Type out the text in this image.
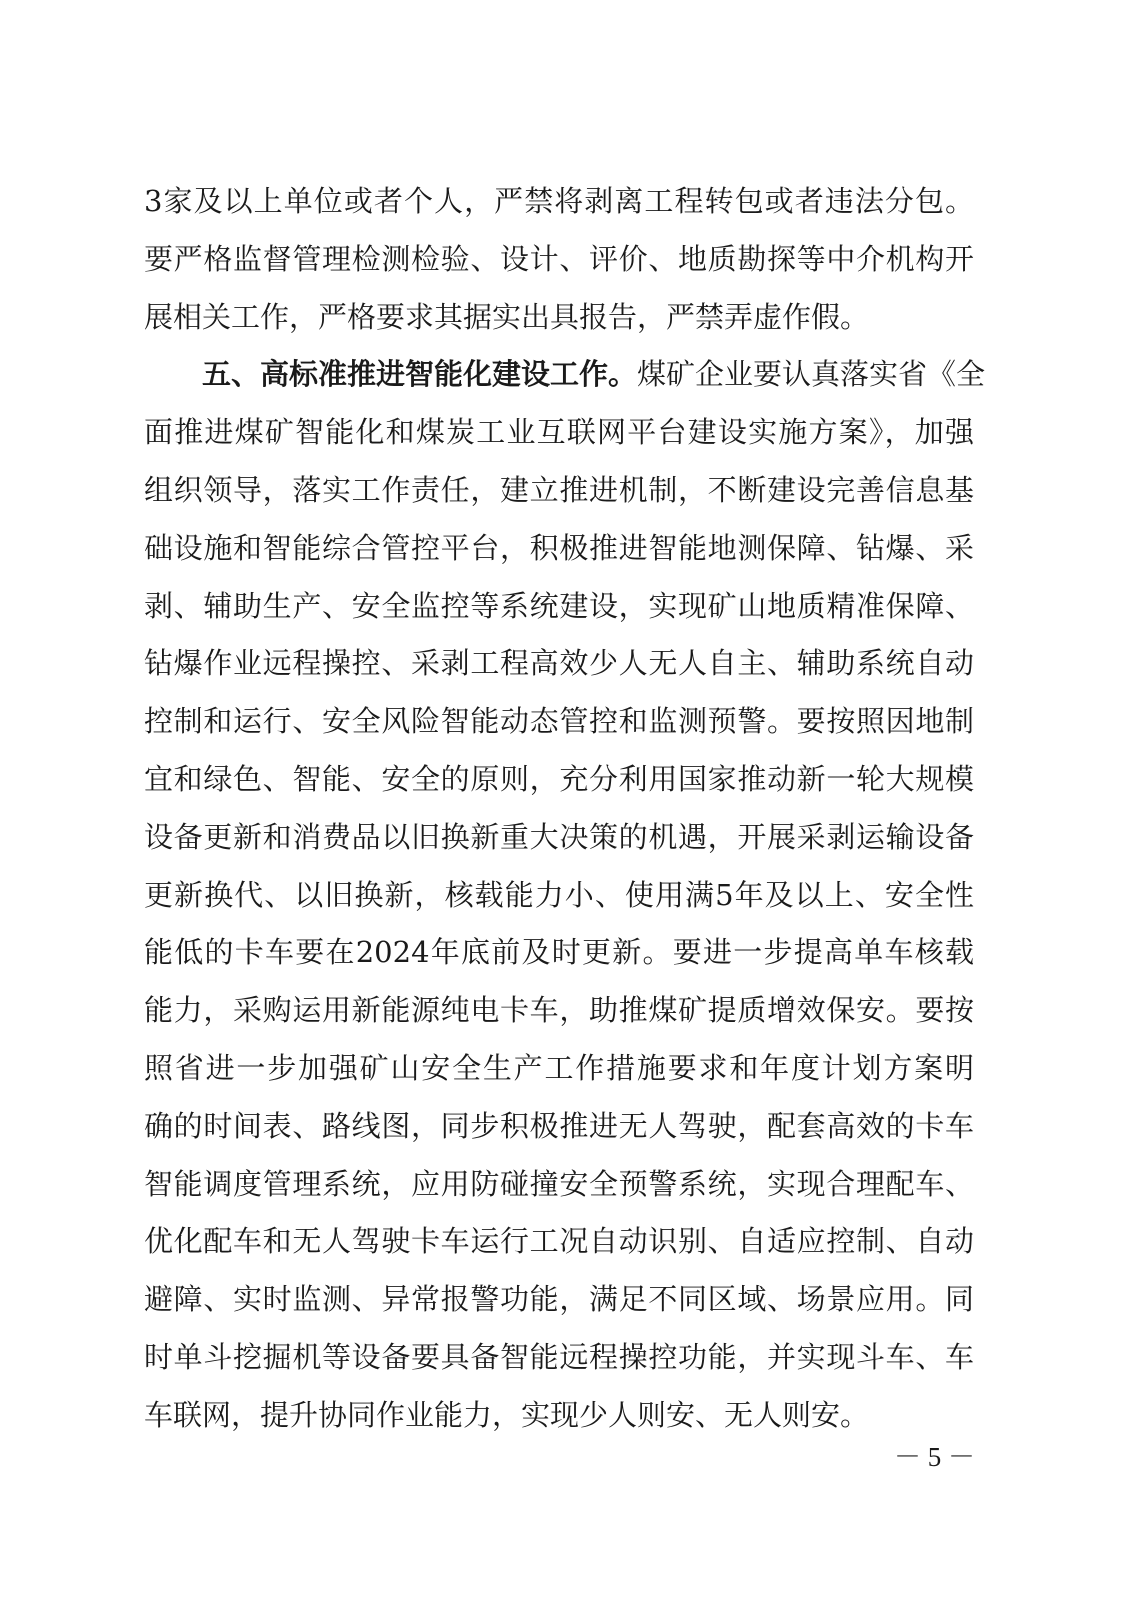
3家及以上单位或者个人，严禁将剥离工程转包或者违法分包。
要严格监督管理检测检验、设计、评价、地质勘探等中介机构开
展相关工作，严格要求其据实出具报告，严禁弄虚作假。
五、高标准推进智能化建设工作。煤矿企业要认真落实省《全
面推进煤矿智能化和煤炭工业互联网平台建设实施方案》，加强
组织领导，落实工作责任，建立推进机制，不断建设完善信息基
础设施和智能综合管控平台，积极推进智能地测保障、钻爆、采
剥、辅助生产、安全监控等系统建设，实现矿山地质精准保障、
钻爆作业远程操控、采剥工程高效少人无人自主、辅助系统自动
控制和运行、安全风险智能动态管控和监测预警。要按照因地制
宜和绿色、智能、安全的原则，充分利用国家推动新一轮大规模
设备更新和消费品以旧换新重大决策的机遇，开展采剥运输设备
更新换代、以旧换新，核载能力小、使用满5年及以上、安全性
能低的卡车要在2024年底前及时更新。要进一步提高单车核载
能力，采购运用新能源纯电卡车，助推煤矿提质增效保安。要按
照省进一步加强矿山安全生产工作措施要求和年度计划方案明
确的时间表、路线图，同步积极推进无人驾驶，配套高效的卡车
智能调度管理系统，应用防碰撞安全预警系统，实现合理配车、
优化配车和无人驾驶卡车运行工况自动识别、自适应控制、自动
避障、实时监测、异常报警功能，满足不同区域、场景应用。同
时单斗挖掘机等设备要具备智能远程操控功能，并实现斗车、车
车联网，提升协同作业能力，实现少人则安、无人则安。
－ 5 －
